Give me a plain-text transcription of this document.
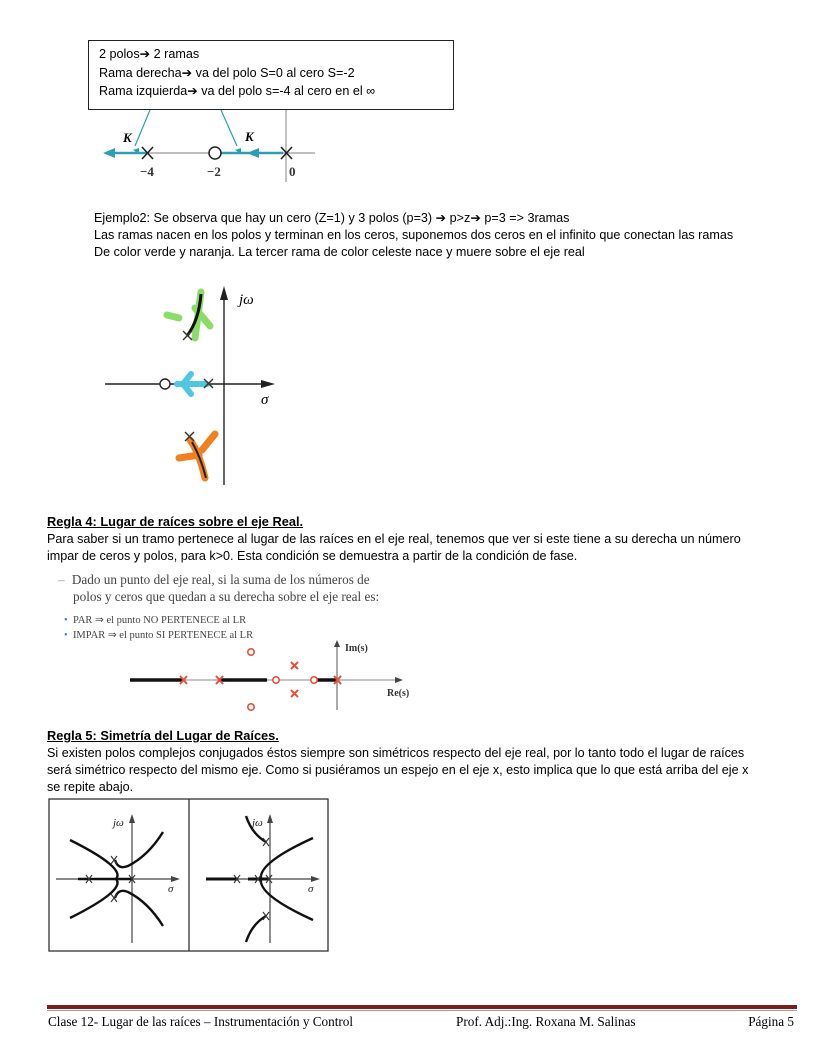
2 polos➔ 2 ramas
Rama derecha➔ va del polo S=0 al cero S=-2
Rama izquierda➔ va del polo s=-4 al cero en el ∞
K	K
−4	−2	0
Ejemplo2: Se observa que hay un cero (Z=1) y 3 polos (p=3) ➔ p>z➔ p=3 => 3ramas
Las ramas nacen en los polos y terminan en los ceros, suponemos dos ceros en el infinito que conectan las ramas
De color verde y naranja. La tercer rama de color celeste nace y muere sobre el eje real
jω
σ
Regla 4: Lugar de raíces sobre el eje Real.
Para saber si un tramo pertenece al lugar de las raíces en el eje real, tenemos que ver si este tiene a su derecha un número
impar de ceros y polos, para k>0. Esta condición se demuestra a partir de la condición de fase.
– Dado un punto del eje real, si la suma de los números de
polos y ceros que quedan a su derecha sobre el eje real es:
• PAR ⇒ el punto NO PERTENECE al LR
• IMPAR ⇒ el punto SI PERTENECE al LR
Im(s)
Re(s)
Regla 5: Simetría del Lugar de Raíces.
Si existen polos complejos conjugados éstos siempre son simétricos respecto del eje real, por lo tanto todo el lugar de raíces
será simétrico respecto del mismo eje. Como si pusiéramos un espejo en el eje x, esto implica que lo que está arriba del eje x
se repite abajo.
jω
σ
jω
σ
Clase 12- Lugar de las raíces – Instrumentación y Control	Prof. Adj.:Ing. Roxana M. Salinas	Página 5
